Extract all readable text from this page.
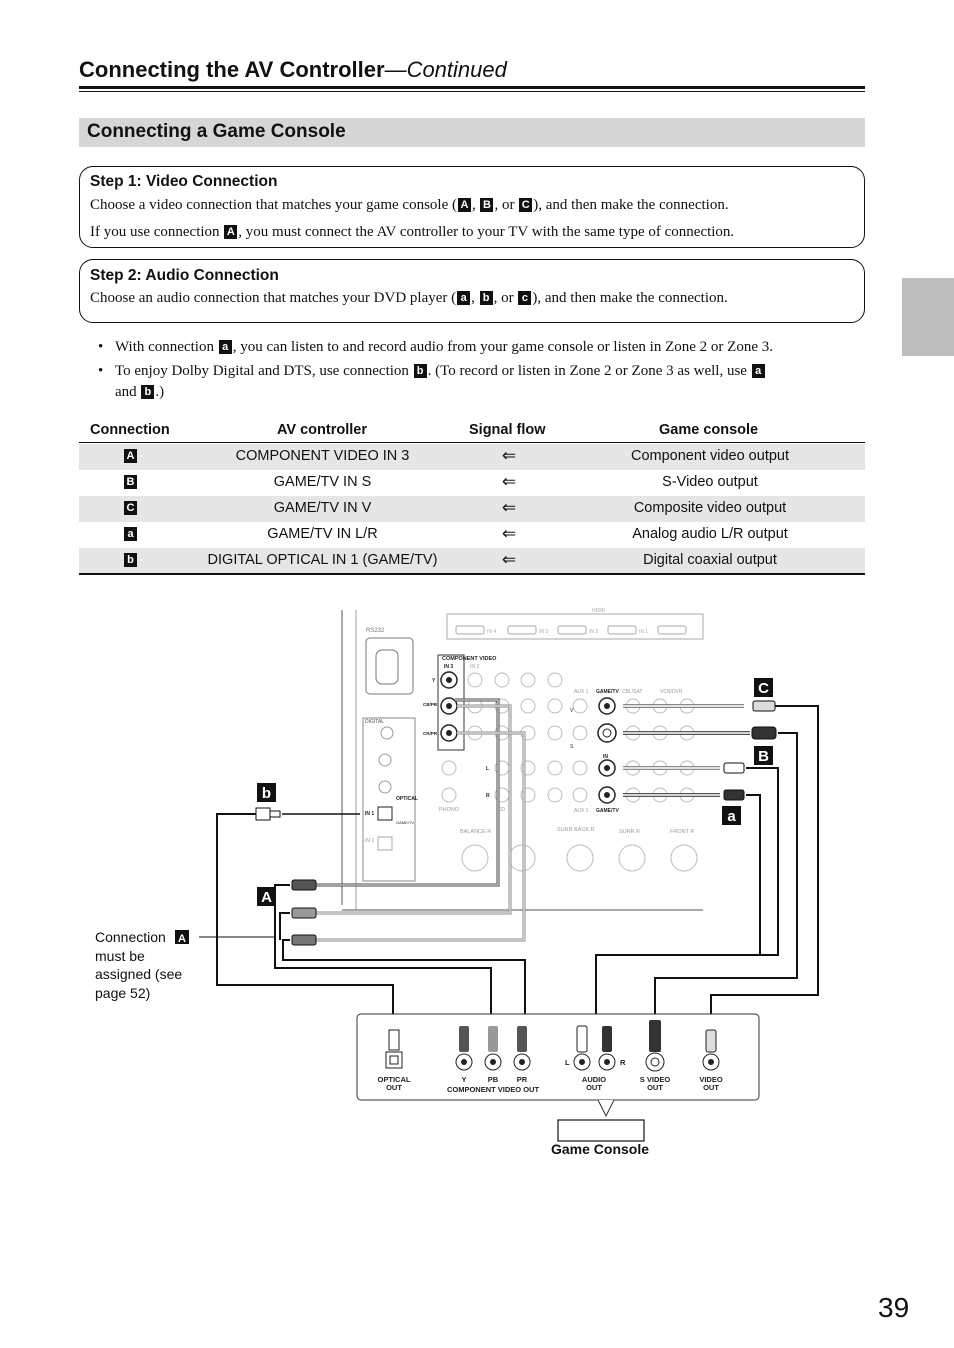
Connecting the AV Controller—Continued
Connecting a Game Console
Step 1: Video Connection
Choose a video connection that matches your game console ( A , B , or C ), and then make the connection.
If you use connection A , you must connect the AV controller to your TV with the same type of connection.
Step 2: Audio Connection
Choose an audio connection that matches your DVD player ( a , b , or c ), and then make the connection.
• With connection a , you can listen to and record audio from your game console or listen in Zone 2 or Zone 3.
• To enjoy Dolby Digital and DTS, use connection b . (To record or listen in Zone 2 or Zone 3 as well, use a
and b .)
Connection	AV controller	Signal flow	Game console
A	COMPONENT VIDEO IN 3	⇐	Component video output
B	GAME/TV IN S	⇐	S-Video output
C	GAME/TV IN V	⇐	Composite video output
a	GAME/TV IN L/R	⇐	Analog audio L/R output
b	DIGITAL OPTICAL IN 1 (GAME/TV)	⇐	Digital coaxial output
RS232
DIGITAL
OPTICAL
IN 1
GAME/TV
IN 2
HDMI
IN 4	IN 3	IN 2	IN 1
COMPONENT VIDEO
IN 3	IN 2
Y
CB/PB
CR/PR
GAME/TV
GAME/TV
AUX 1
AUX 1
CBL/SAT	VCR/DVR
IN
V
S
L
R
PHONO	CD
BALANCE R	SURR BACK R	SURR R	FRONT R
C
B
a
b
A
Connection A
must be
assigned (see
page 52)
OPTICAL
OUT
Y	PB PR
COMPONENT VIDEO OUT
L	R
AUDIO
OUT
S VIDEO
OUT
VIDEO
OUT
Game Console
39
